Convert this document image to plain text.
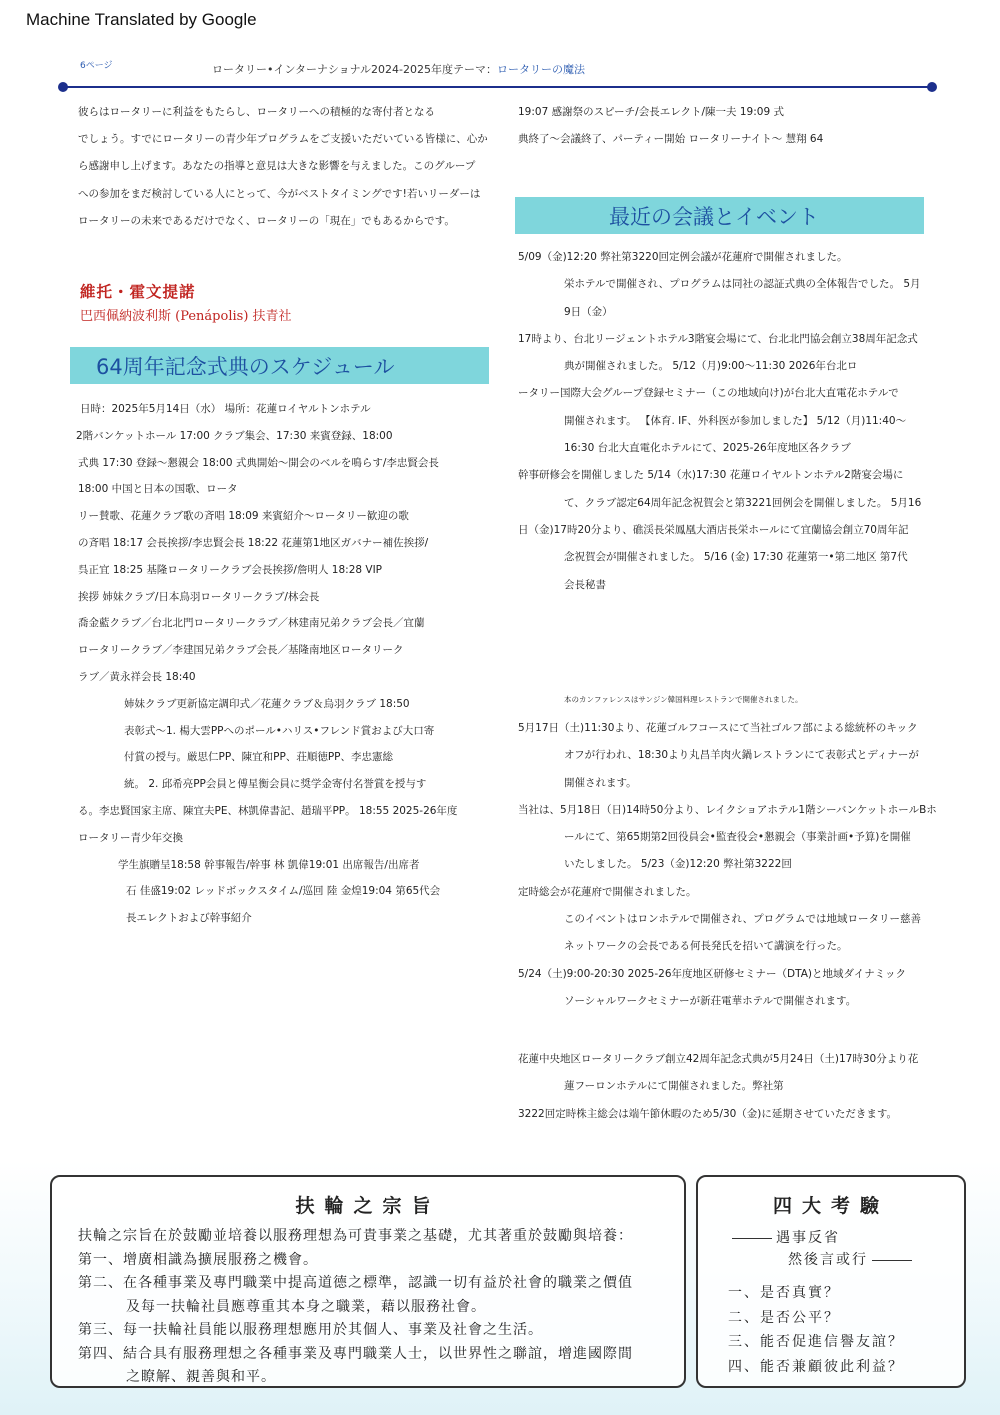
Machine Translated by Google
6ページ	ロータリー•インターナショナル2024-2025年度テーマ：ロータリーの魔法

彼らはロータリーに利益をもたらし、ロータリーへの積極的な寄付者となる

でしょう。すでにロータリーの青少年プログラムをご支援いただいている皆様に、心か

ら感謝申し上げます。あなたの指導と意見は大きな影響を与えました。このグループ

への参加をまだ検討している人にとって、今がベストタイミングです!若いリーダーは

ロータリーの未来であるだけでなく、ロータリーの「現在」でもあるからです。

維托・霍文提諾
巴西佩納波利斯 (Penápolis) 扶青社
64周年記念式典のスケジュール

日時：2025年5月14日（水） 場所：花蓮ロイヤルトンホテル

2階バンケットホール 17:00 クラブ集会、17:30 来賓登録、18:00

式典 17:30 登録～懇親会 18:00 式典開始～開会のベルを鳴らす/李忠賢会長

18:00 中国と日本の国歌、ロータ

リー賛歌、花蓮クラブ歌の斉唱 18:09 来賓紹介～ロータリー歓迎の歌

の斉唱 18:17 会長挨拶/李忠賢会長 18:22 花蓮第1地区ガバナー補佐挨拶/

呉正宜 18:25 基隆ロータリークラブ会長挨拶/詹明人 18:28 VIP

挨拶 姉妹クラブ/日本鳥羽ロータリークラブ/林会長

喬金藍クラブ／台北北門ロータリークラブ／林建南兄弟クラブ会長／宜蘭

ロータリークラブ／李建国兄弟クラブ会長／基隆南地区ロータリーク

ラブ／黄永祥会長 18:40

姉妹クラブ更新協定調印式／花蓮クラブ＆烏羽クラブ 18:50

表彰式～1. 楊大雲PPへのポール•ハリス•フレンド賞および大口寄

付賞の授与。厳思仁PP、陳宜和PP、荘順徳PP、李忠憲総

統。 2. 邱希亮PP会員と傅星衡会員に奨学金寄付名誉賞を授与す

る。李忠賢国家主席、陳宜夫PE、林凱偉書記、趙瑞平PP。 18:55 2025-26年度

ロータリー青少年交換

学生旗贈呈18:58 幹事報告/幹事 林 凱偉19:01 出席報告/出席者

石 佳盛19:02 レッドボックスタイム/巡回 陸 金煌19:04 第65代会

長エレクトおよび幹事紹介

19:07 感謝祭のスピーチ/会長エレクト/陳一夫 19:09 式

典終了～会議終了、パーティー開始 ロータリーナイト～ 慧翔 64

最近の会議とイベント

5/09（金)12:20 弊社第3220回定例会議が花蓮府で開催されました。

栄ホテルで開催され、プログラムは同社の認証式典の全体報告でした。 5月

9日（金）

17時より、台北リージェントホテル3階宴会場にて、台北北門協会創立38周年記念式

典が開催されました。 5/12（月)9:00～11:30 2026年台北ロ

ータリー国際大会グループ登録セミナー（この地域向け)が台北大直電花ホテルで

開催されます。 【体育. IF、外科医が参加しました】 5/12（月)11:40～

16:30 台北大直電化ホテルにて、2025-26年度地区各クラブ

幹事研修会を開催しました 5/14（水)17:30 花蓮ロイヤルトンホテル2階宴会場に

て、クラブ認定64周年記念祝賀会と第3221回例会を開催しました。 5月16

日（金)17時20分より、礁渓長栄鳳凰大酒店長栄ホールにて宜蘭協会創立70周年記

念祝賀会が開催されました。 5/16 (金) 17:30 花蓮第一•第二地区 第7代

会長秘書

本のカンファレンスはサンジン韓国料理レストランで開催されました。

5月17日（土)11:30より、花蓮ゴルフコースにて当社ゴルフ部による総統杯のキック

オフが行われ、18:30より丸昌羊肉火鍋レストランにて表彰式とディナーが

開催されます。

当社は、5月18日（日)14時50分より、レイクショアホテル1階シーバンケットホールBホ

ールにて、第65期第2回役員会•監査役会•懇親会（事業計画•予算)を開催

いたしました。 5/23（金)12:20 弊社第3222回

定時総会が花蓮府で開催されました。

このイベントはロンホテルで開催され、プログラムでは地域ロータリー慈善

ネットワークの会長である何長発氏を招いて講演を行った。

5/24（土)9:00-20:30 2025-26年度地区研修セミナー（DTA)と地域ダイナミック

ソーシャルワークセミナーが新荘電華ホテルで開催されます。

花蓮中央地区ロータリークラブ創立42周年記念式典が5月24日（土)17時30分より花

蓮フーロンホテルにて開催されました。弊社第

3222回定時株主総会は端午節休暇のため5/30（金)に延期させていただきます。

扶輪之宗旨
扶輪之宗旨在於鼓勵並培養以服務理想為可貴事業之基礎，尤其著重於鼓勵與培養：
第一、增廣相識為擴展服務之機會。
第二、在各種事業及專門職業中提高道德之標準，認識一切有益於社會的職業之價值
及每一扶輪社員應尊重其本身之職業，藉以服務社會。
第三、每一扶輪社員能以服務理想應用於其個人、事業及社會之生活。
第四、結合具有服務理想之各種事業及專門職業人士，以世界性之聯誼，增進國際間
之瞭解、親善與和平。
四大考驗
遇事反省
然後言或行
一、是否真實？
二、是否公平？
三、能否促進信譽友誼？
四、能否兼顧彼此利益？
